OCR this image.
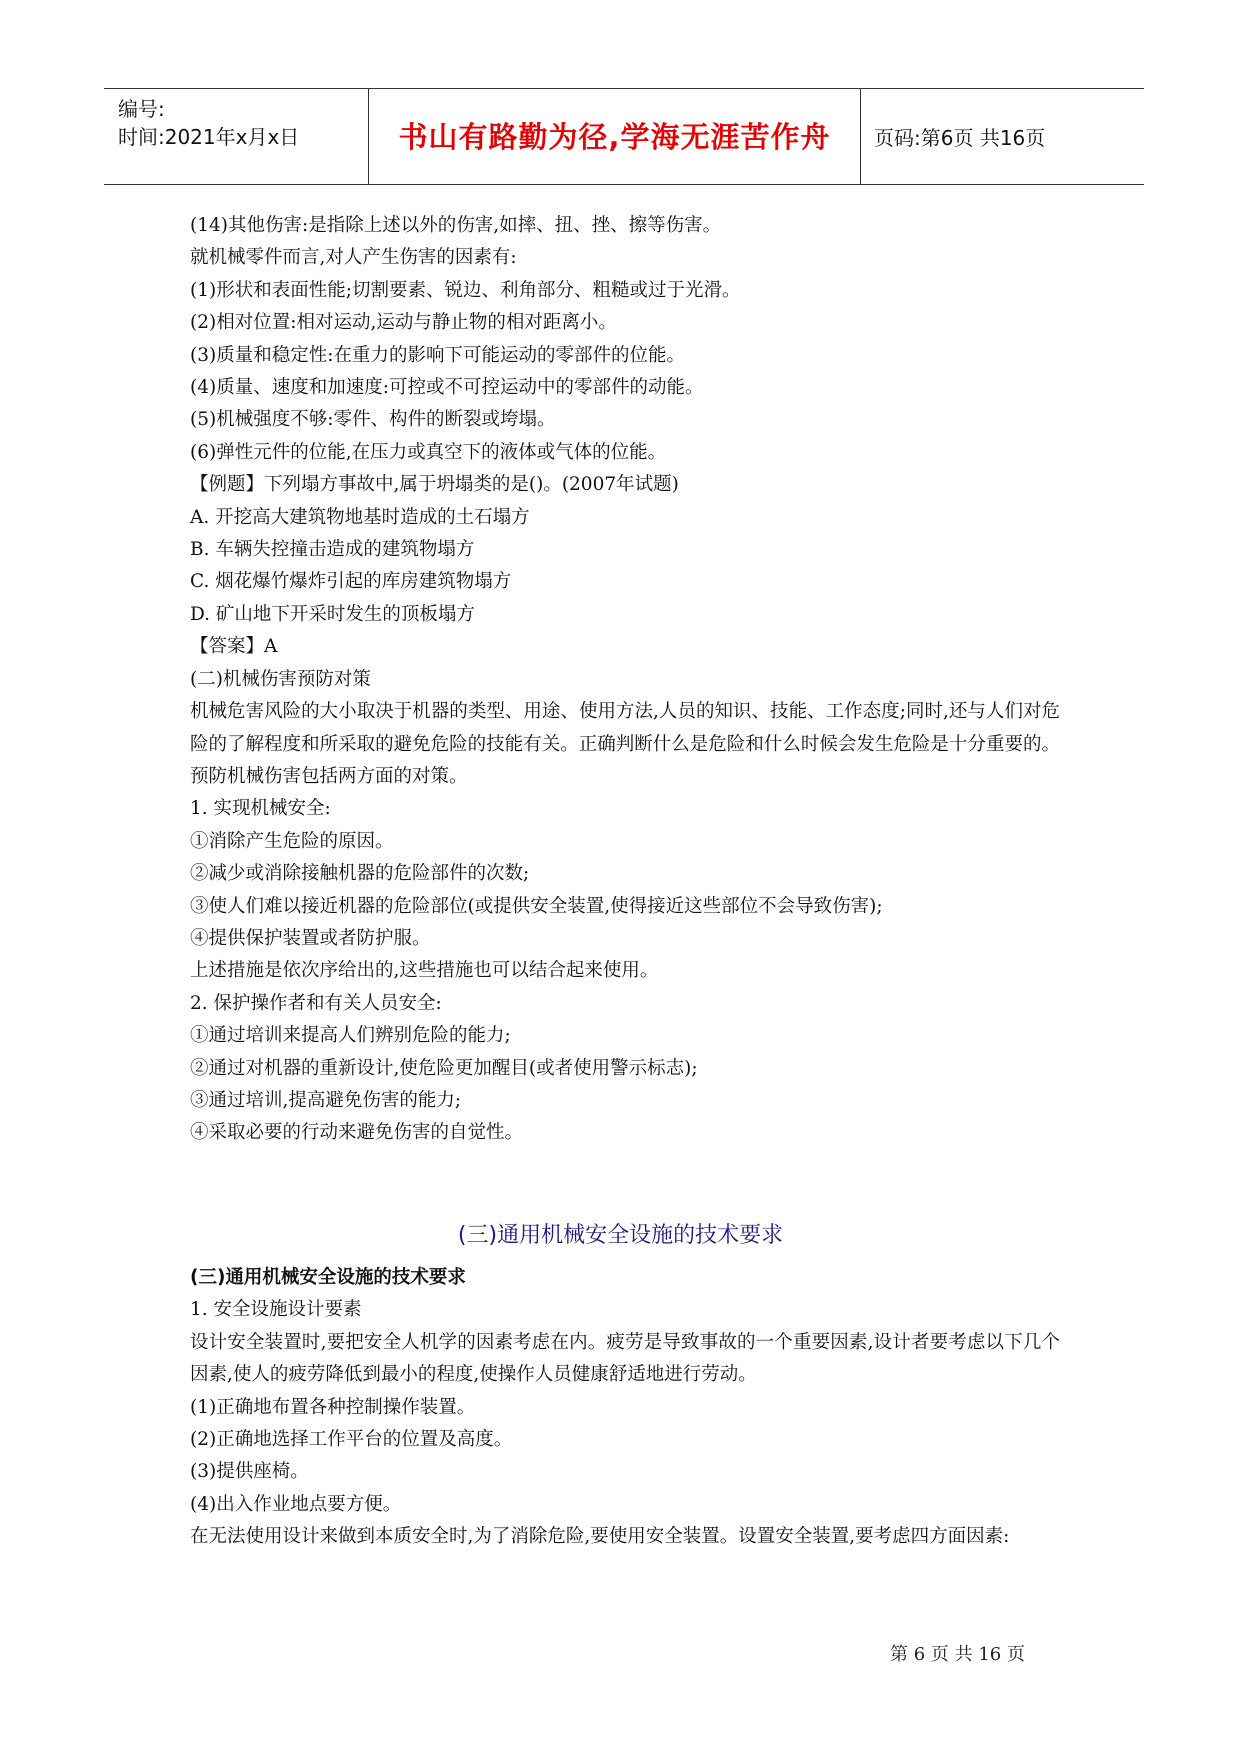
编号:
时间:2021年x月x日	书山有路勤为径,学海无涯苦作舟	页码:第6页 共16页
(14)其他伤害:是指除上述以外的伤害,如摔、扭、挫、擦等伤害。
就机械零件而言,对人产生伤害的因素有:
(1)形状和表面性能;切割要素、锐边、利角部分、粗糙或过于光滑。
(2)相对位置:相对运动,运动与静止物的相对距离小。
(3)质量和稳定性:在重力的影响下可能运动的零部件的位能。
(4)质量、速度和加速度:可控或不可控运动中的零部件的动能。
(5)机械强度不够:零件、构件的断裂或垮塌。
(6)弹性元件的位能,在压力或真空下的液体或气体的位能。
【例题】下列塌方事故中,属于坍塌类的是()。(2007年试题)
A. 开挖高大建筑物地基时造成的土石塌方
B. 车辆失控撞击造成的建筑物塌方
C. 烟花爆竹爆炸引起的库房建筑物塌方
D. 矿山地下开采时发生的顶板塌方
【答案】A
(二)机械伤害预防对策
机械危害风险的大小取决于机器的类型、用途、使用方法,人员的知识、技能、工作态度;同时,还与人们对危险的了解程度和所采取的避免危险的技能有关。正确判断什么是危险和什么时候会发生危险是十分重要的。预防机械伤害包括两方面的对策。
1. 实现机械安全:
①消除产生危险的原因。
②减少或消除接触机器的危险部件的次数;
③使人们难以接近机器的危险部位(或提供安全装置,使得接近这些部位不会导致伤害);
④提供保护装置或者防护服。
上述措施是依次序给出的,这些措施也可以结合起来使用。
2. 保护操作者和有关人员安全:
①通过培训来提高人们辨别危险的能力;
②通过对机器的重新设计,使危险更加醒目(或者使用警示标志);
③通过培训,提高避免伤害的能力;
④采取必要的行动来避免伤害的自觉性。
(三)通用机械安全设施的技术要求
(三)通用机械安全设施的技术要求
1. 安全设施设计要素
设计安全装置时,要把安全人机学的因素考虑在内。疲劳是导致事故的一个重要因素,设计者要考虑以下几个因素,使人的疲劳降低到最小的程度,使操作人员健康舒适地进行劳动。
(1)正确地布置各种控制操作装置。
(2)正确地选择工作平台的位置及高度。
(3)提供座椅。
(4)出入作业地点要方便。
在无法使用设计来做到本质安全时,为了消除危险,要使用安全装置。设置安全装置,要考虑四方面因素:
第 6 页 共 16 页
